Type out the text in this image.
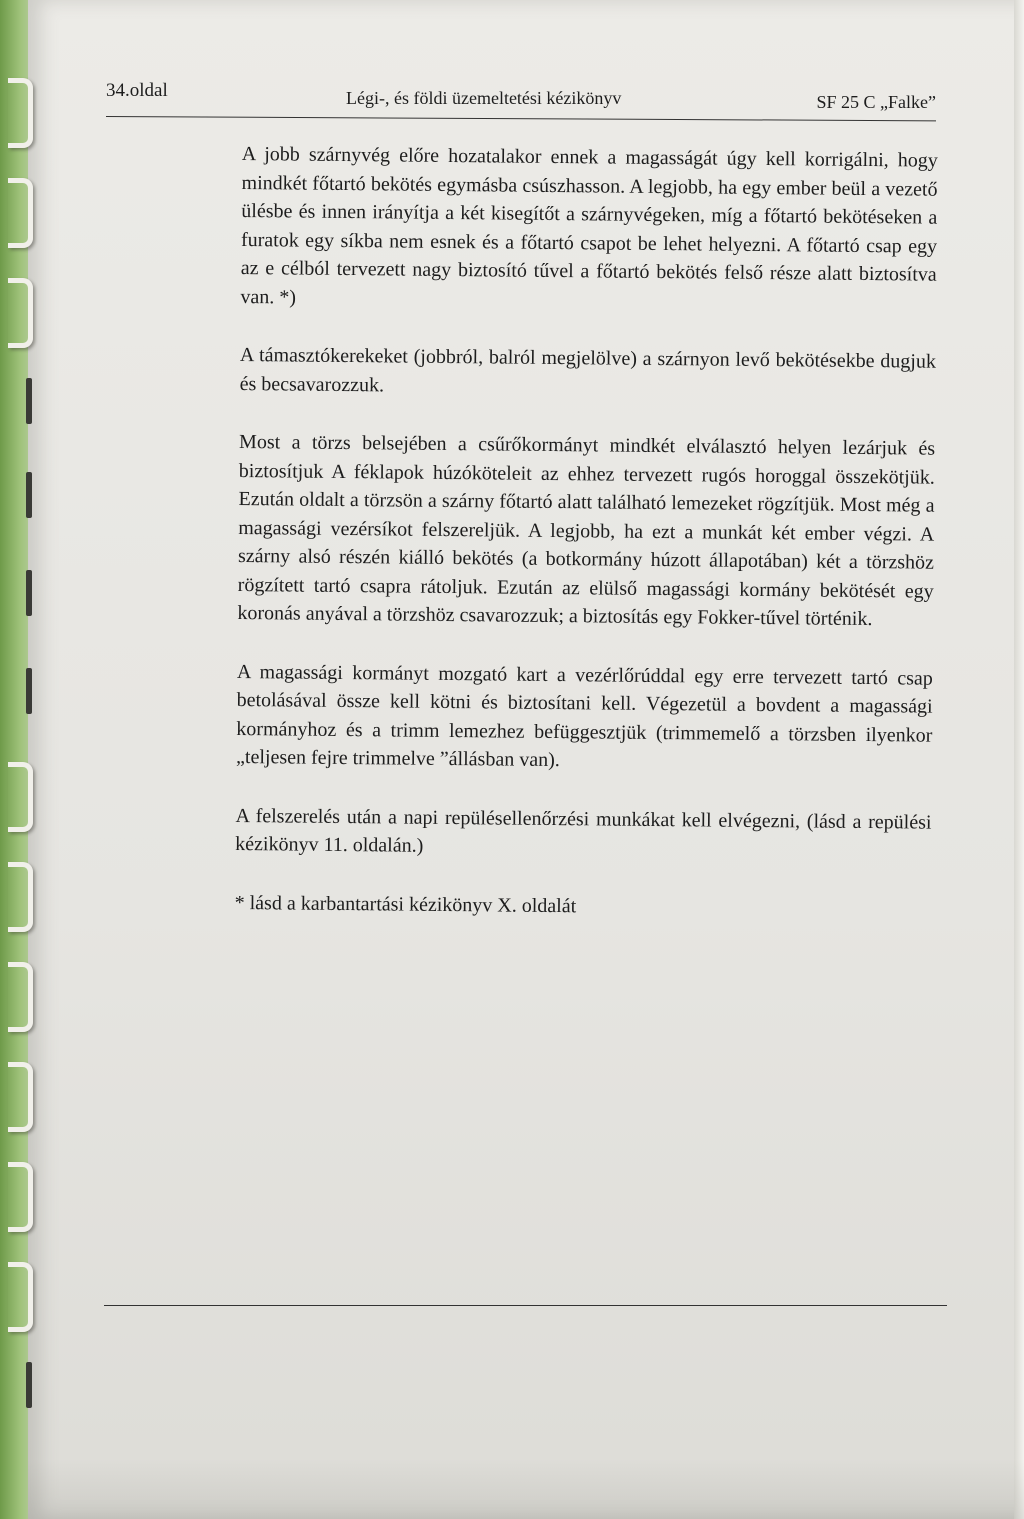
34.oldal	Légi-, és földi üzemeltetési kézikönyv	SF 25 C „Falke”

A jobb szárnyvég előre hozatalakor ennek a magasságát úgy kell korrigálni, hogy mindkét főtartó bekötés egymásba csúszhasson. A legjobb, ha egy ember beül a vezető ülésbe és innen irányítja a két kisegítőt a szárnyvégeken, míg a főtartó bekötéseken a furatok egy síkba nem esnek és a főtartó csapot be lehet helyezni. A főtartó csap egy az e célból tervezett nagy biztosító tűvel a főtartó bekötés felső része alatt biztosítva van. *)

A támasztókerekeket (jobbról, balról megjelölve) a szárnyon levő bekötésekbe dugjuk és becsavarozzuk.

Most a törzs belsejében a csűrőkormányt mindkét elválasztó helyen lezárjuk és biztosítjuk A féklapok húzóköteleit az ehhez tervezett rugós horoggal összekötjük. Ezután oldalt a törzsön a szárny főtartó alatt található lemezeket rögzítjük. Most még a magassági vezérsíkot felszereljük. A legjobb, ha ezt a munkát két ember végzi. A szárny alsó részén kiálló bekötés (a botkormány húzott állapotában) két a törzshöz rögzített tartó csapra rátoljuk. Ezután az elülső magassági kormány bekötését egy koronás anyával a törzshöz csavarozzuk; a biztosítás egy Fokker-tűvel történik.

A magassági kormányt mozgató kart a vezérlőrúddal egy erre tervezett tartó csap betolásával össze kell kötni és biztosítani kell. Végezetül a bovdent a magassági kormányhoz és a trimm lemezhez befüggesztjük (trimmemelő a törzsben ilyenkor „teljesen fejre trimmelve ”állásban van).

A felszerelés után a napi repülésellenőrzési munkákat kell elvégezni, (lásd a repülési kézikönyv 11. oldalán.)

* lásd a karbantartási kézikönyv X. oldalát
